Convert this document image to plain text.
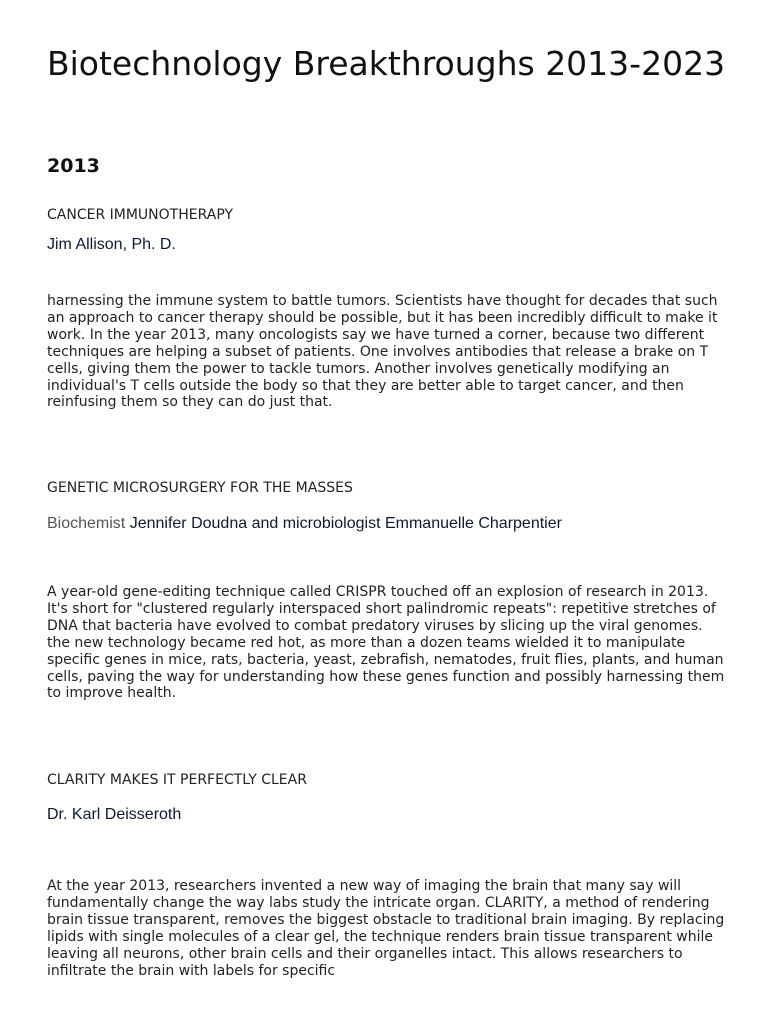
Biotechnology Breakthroughs 2013-2023
2013

CANCER IMMUNOTHERAPY

Jim Allison, Ph. D.

harnessing the immune system to battle tumors. Scientists have thought for decades that such an approach to cancer therapy should be possible, but it has been incredibly difficult to make it work. In the year 2013, many oncologists say we have turned a corner, because two different techniques are helping a subset of patients. One involves antibodies that release a brake on T cells, giving them the power to tackle tumors. Another involves genetically modifying an individual's T cells outside the body so that they are better able to target cancer, and then reinfusing them so they can do just that.

GENETIC MICROSURGERY FOR THE MASSES

Biochemist Jennifer Doudna and microbiologist Emmanuelle Charpentier

A year-old gene-editing technique called CRISPR touched off an explosion of research in 2013. It's short for "clustered regularly interspaced short palindromic repeats": repetitive stretches of DNA that bacteria have evolved to combat predatory viruses by slicing up the viral genomes. the new technology became red hot, as more than a dozen teams wielded it to manipulate specific genes in mice, rats, bacteria, yeast, zebrafish, nematodes, fruit flies, plants, and human cells, paving the way for understanding how these genes function and possibly harnessing them to improve health.

CLARITY MAKES IT PERFECTLY CLEAR

Dr. Karl Deisseroth

At the year 2013, researchers invented a new way of imaging the brain that many say will fundamentally change the way labs study the intricate organ. CLARITY, a method of rendering brain tissue transparent, removes the biggest obstacle to traditional brain imaging. By replacing lipids with single molecules of a clear gel, the technique renders brain tissue transparent while leaving all neurons, other brain cells and their organelles intact. This allows researchers to infiltrate the brain with labels for specific
